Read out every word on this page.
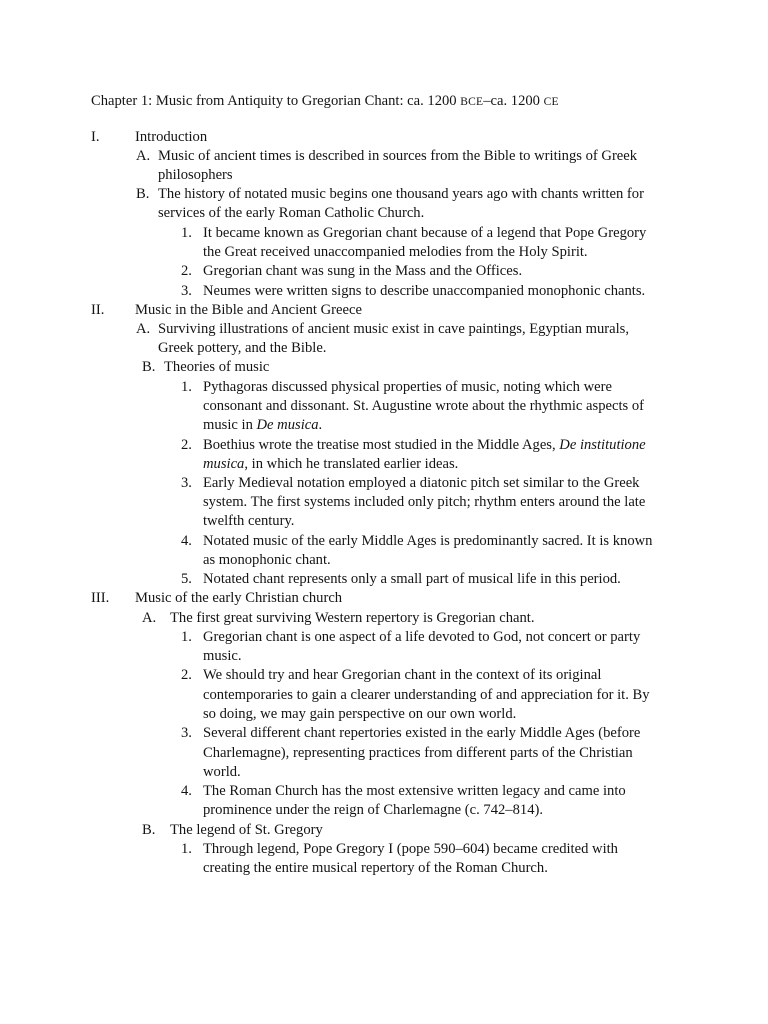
Chapter 1: Music from Antiquity to Gregorian Chant: ca. 1200 BCE–ca. 1200 CE
I. Introduction
A. Music of ancient times is described in sources from the Bible to writings of Greek
philosophers
B. The history of notated music begins one thousand years ago with chants written for
services of the early Roman Catholic Church.
1. It became known as Gregorian chant because of a legend that Pope Gregory
the Great received unaccompanied melodies from the Holy Spirit.
2. Gregorian chant was sung in the Mass and the Offices.
3. Neumes were written signs to describe unaccompanied monophonic chants.
II. Music in the Bible and Ancient Greece
A. Surviving illustrations of ancient music exist in cave paintings, Egyptian murals,
Greek pottery, and the Bible.
B. Theories of music
1. Pythagoras discussed physical properties of music, noting which were
consonant and dissonant. St. Augustine wrote about the rhythmic aspects of
music in De musica.
2. Boethius wrote the treatise most studied in the Middle Ages, De institutione
musica, in which he translated earlier ideas.
3. Early Medieval notation employed a diatonic pitch set similar to the Greek
system. The first systems included only pitch; rhythm enters around the late
twelfth century.
4. Notated music of the early Middle Ages is predominantly sacred. It is known
as monophonic chant.
5. Notated chant represents only a small part of musical life in this period.
III. Music of the early Christian church
A. The first great surviving Western repertory is Gregorian chant.
1. Gregorian chant is one aspect of a life devoted to God, not concert or party
music.
2. We should try and hear Gregorian chant in the context of its original
contemporaries to gain a clearer understanding of and appreciation for it. By
so doing, we may gain perspective on our own world.
3. Several different chant repertories existed in the early Middle Ages (before
Charlemagne), representing practices from different parts of the Christian
world.
4. The Roman Church has the most extensive written legacy and came into
prominence under the reign of Charlemagne (c. 742–814).
B. The legend of St. Gregory
1. Through legend, Pope Gregory I (pope 590–604) became credited with
creating the entire musical repertory of the Roman Church.
